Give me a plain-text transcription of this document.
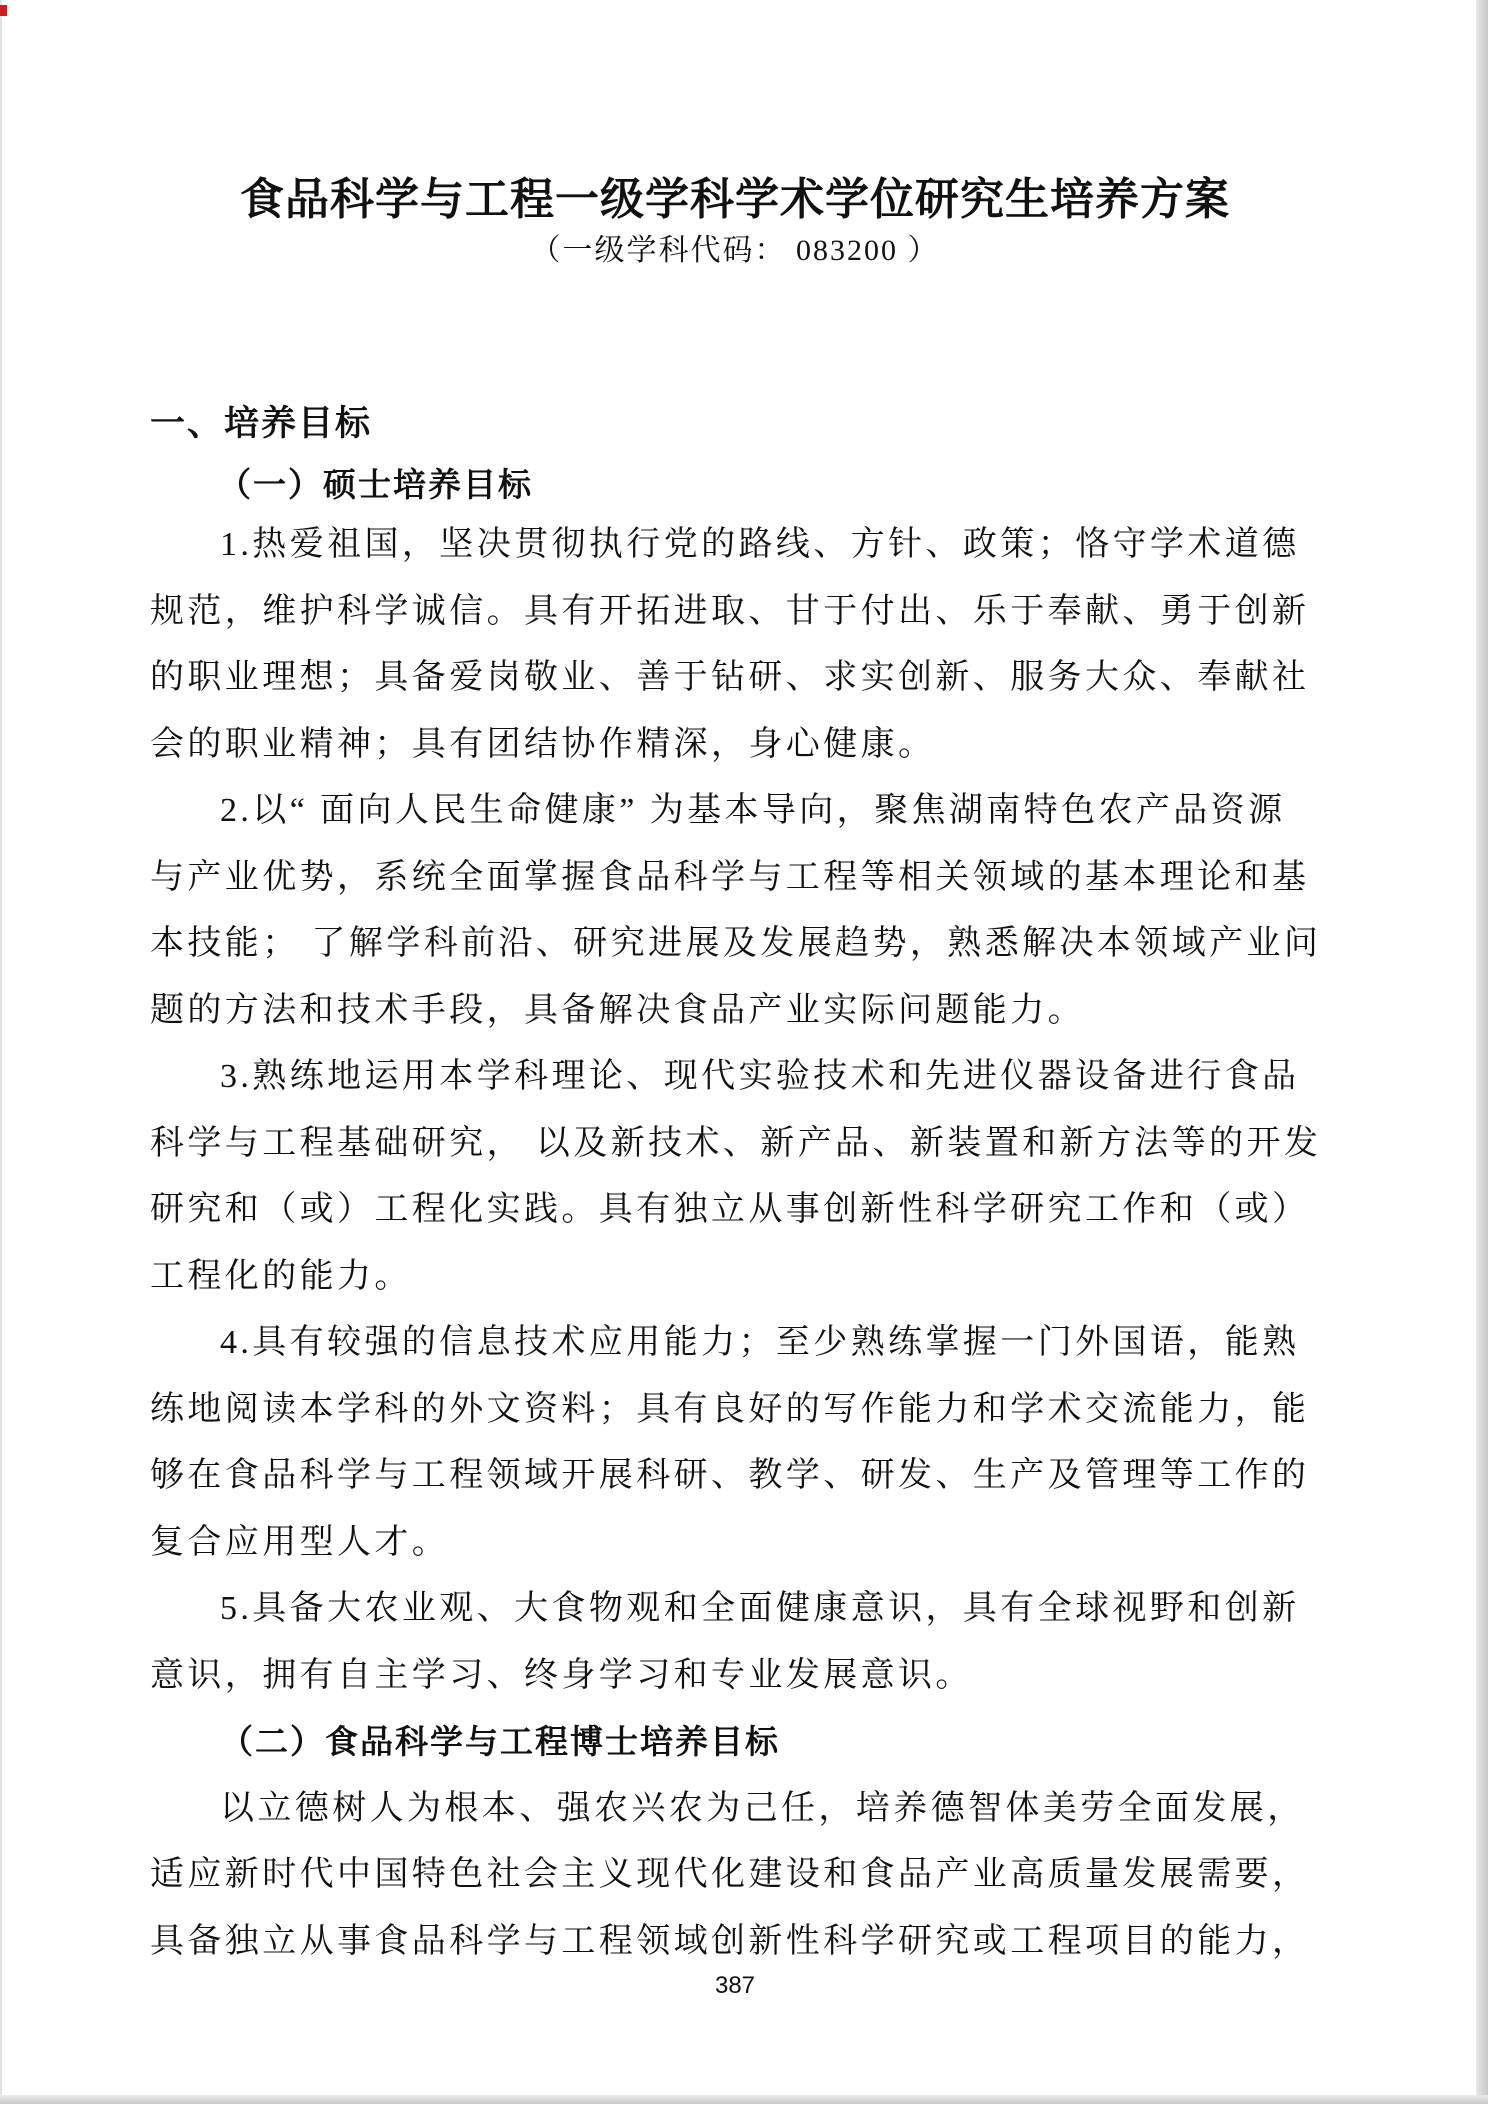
食品科学与工程一级学科学术学位研究生培养方案
（一级学科代码： 083200 ）
一、培养目标
（一）硕士培养目标
1.热爱祖国，坚决贯彻执行党的路线、方针、政策；恪守学术道德
规范，维护科学诚信。具有开拓进取、甘于付出、乐于奉献、勇于创新
的职业理想；具备爱岗敬业、善于钻研、求实创新、服务大众、奉献社
会的职业精神；具有团结协作精深，身心健康。
2.以“ 面向人民生命健康” 为基本导向，聚焦湖南特色农产品资源
与产业优势，系统全面掌握食品科学与工程等相关领域的基本理论和基
本技能； 了解学科前沿、研究进展及发展趋势，熟悉解决本领域产业问
题的方法和技术手段，具备解决食品产业实际问题能力。
3.熟练地运用本学科理论、现代实验技术和先进仪器设备进行食品
科学与工程基础研究， 以及新技术、新产品、新装置和新方法等的开发
研究和（或）工程化实践。具有独立从事创新性科学研究工作和（或）
工程化的能力。
4.具有较强的信息技术应用能力；至少熟练掌握一门外国语，能熟
练地阅读本学科的外文资料；具有良好的写作能力和学术交流能力，能
够在食品科学与工程领域开展科研、教学、研发、生产及管理等工作的
复合应用型人才。
5.具备大农业观、大食物观和全面健康意识，具有全球视野和创新
意识，拥有自主学习、终身学习和专业发展意识。
（二）食品科学与工程博士培养目标
以立德树人为根本、强农兴农为己任，培养德智体美劳全面发展，
适应新时代中国特色社会主义现代化建设和食品产业高质量发展需要，
具备独立从事食品科学与工程领域创新性科学研究或工程项目的能力，
387
